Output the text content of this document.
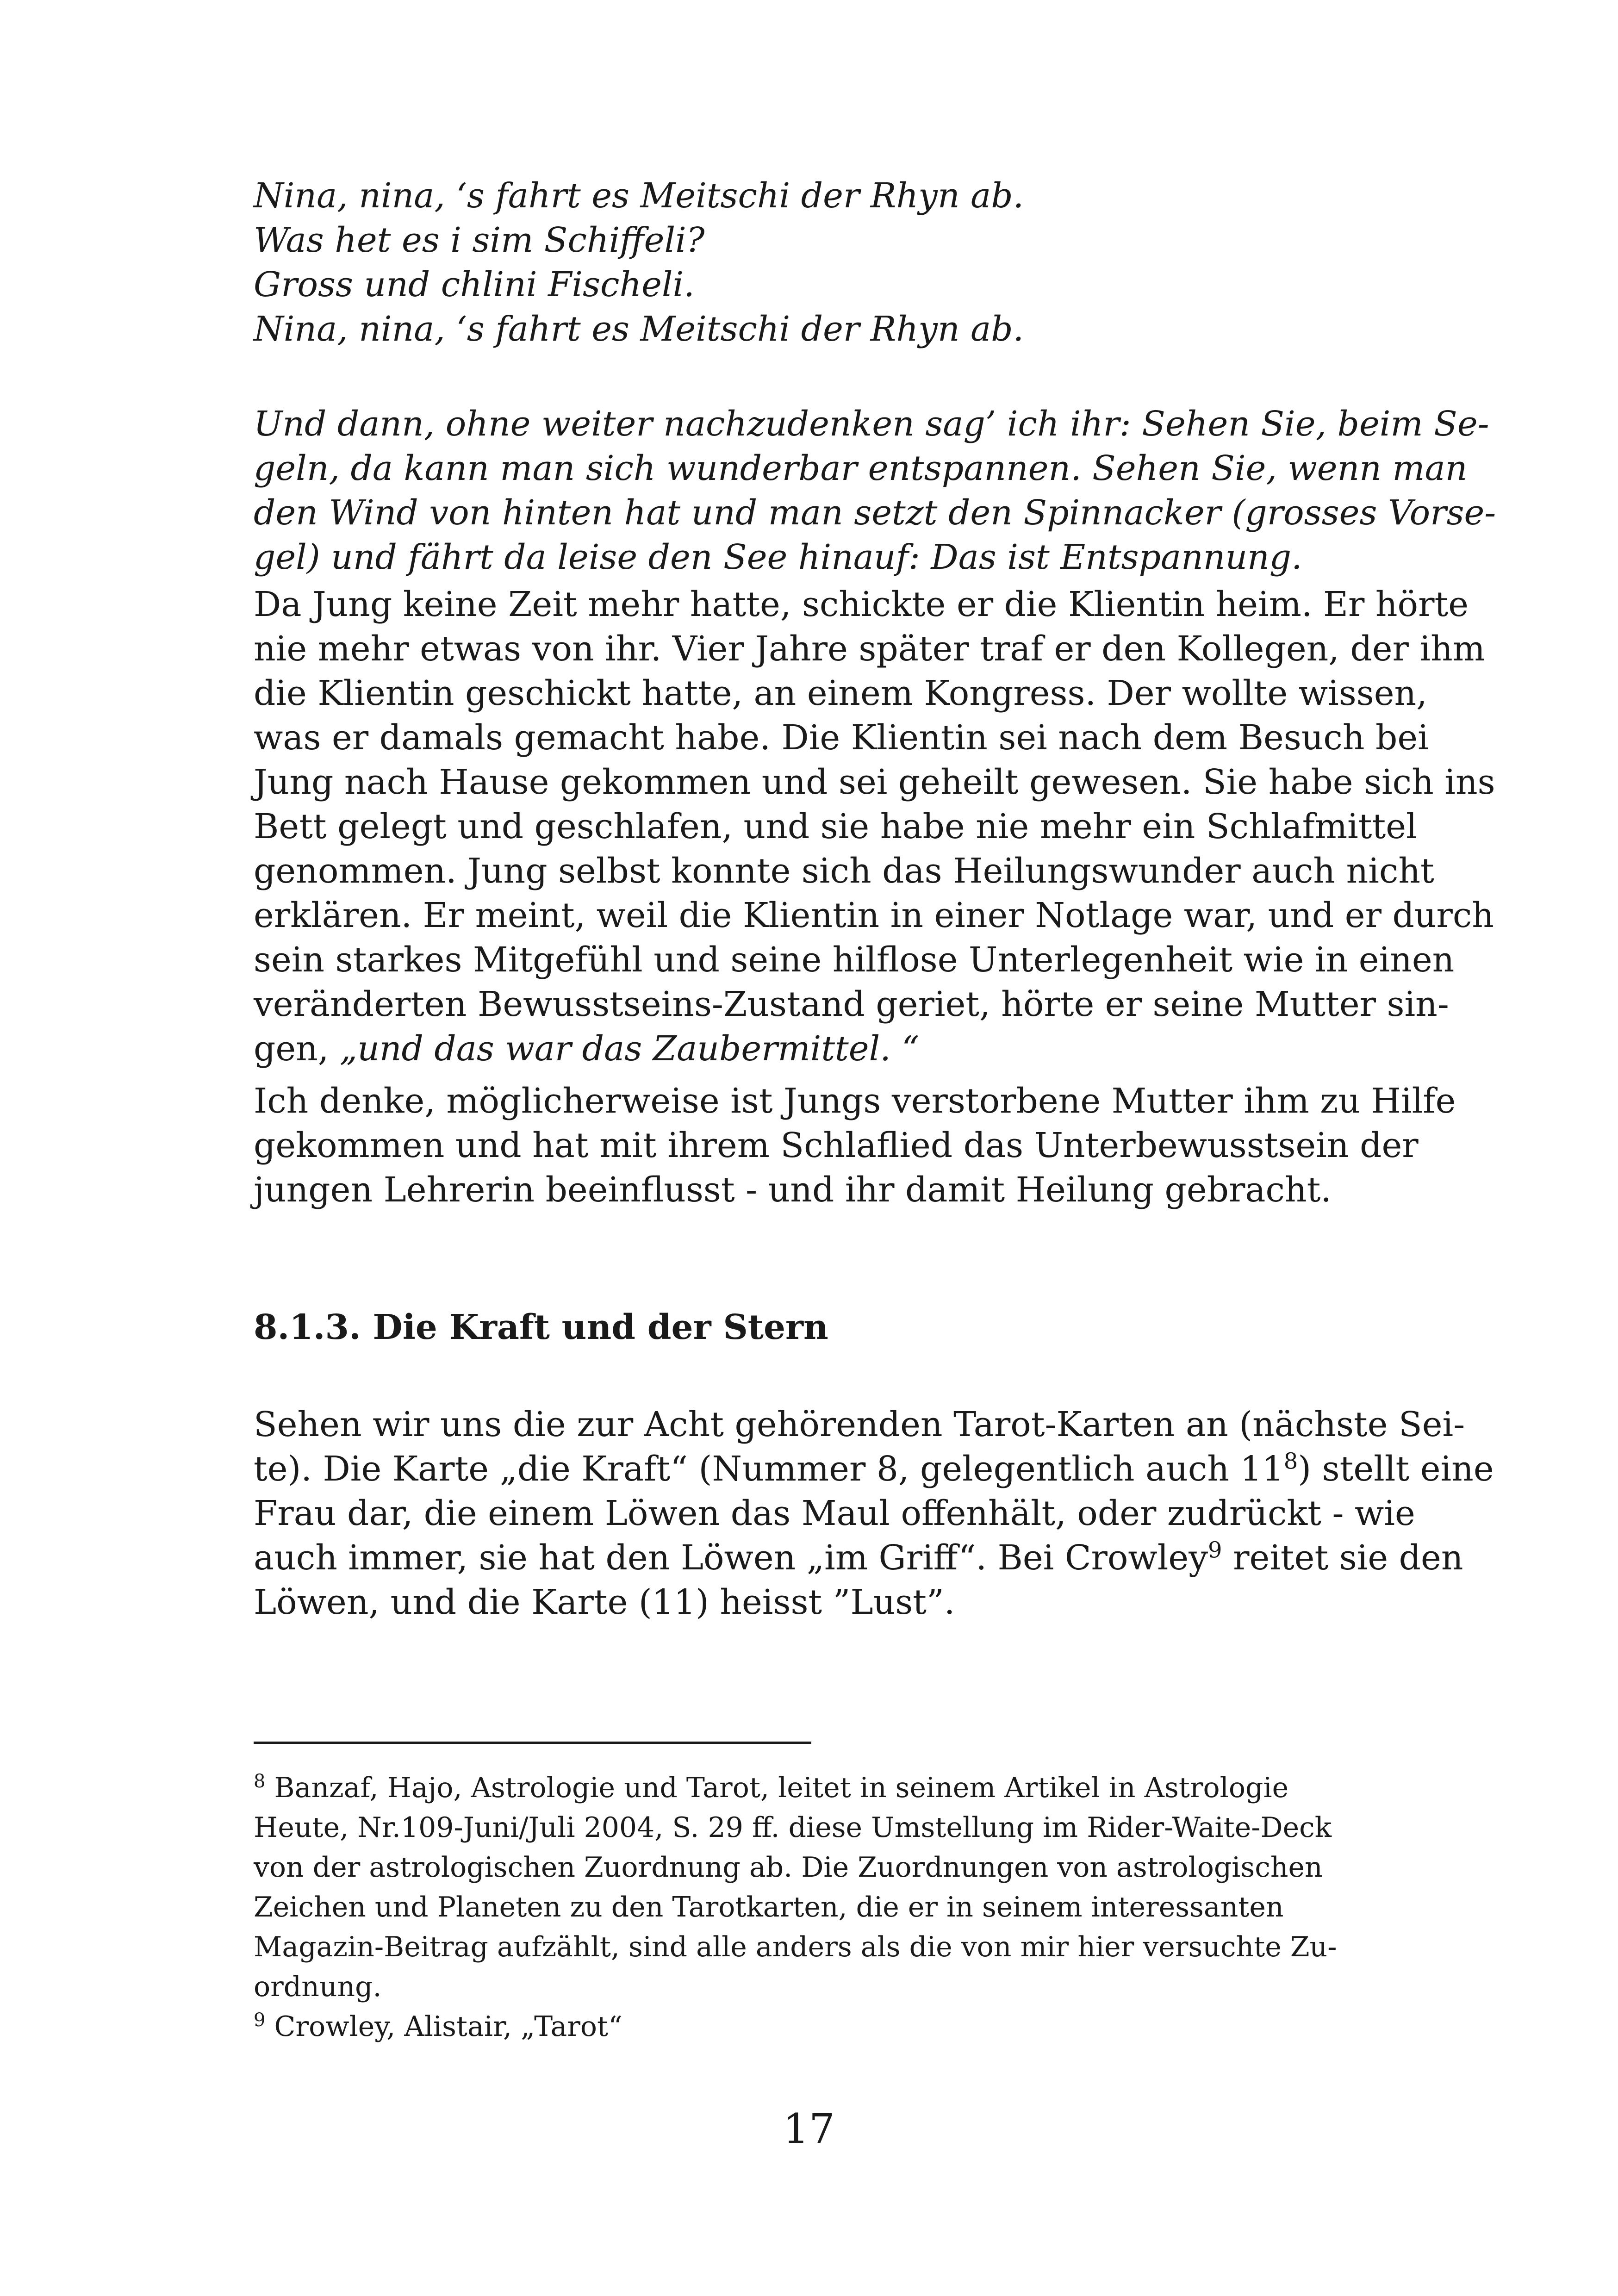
Nina, nina, ‘s fahrt es Meitschi der Rhyn ab.
Was het es i sim Schiffeli?
Gross und chlini Fischeli.
Nina, nina, ‘s fahrt es Meitschi der Rhyn ab.
Und dann, ohne weiter nachzudenken sag’ ich ihr: Sehen Sie, beim Se-
geln, da kann man sich wunderbar entspannen. Sehen Sie, wenn man
den Wind von hinten hat und man setzt den Spinnacker (grosses Vorse-
gel) und fährt da leise den See hinauf: Das ist Entspannung.
Da Jung keine Zeit mehr hatte, schickte er die Klientin heim. Er hörte
nie mehr etwas von ihr. Vier Jahre später traf er den Kollegen, der ihm
die Klientin geschickt hatte, an einem Kongress. Der wollte wissen,
was er damals gemacht habe. Die Klientin sei nach dem Besuch bei
Jung nach Hause gekommen und sei geheilt gewesen. Sie habe sich ins
Bett gelegt und geschlafen, und sie habe nie mehr ein Schlafmittel
genommen. Jung selbst konnte sich das Heilungswunder auch nicht
erklären. Er meint, weil die Klientin in einer Notlage war, und er durch
sein starkes Mitgefühl und seine hilflose Unterlegenheit wie in einen
veränderten Bewusstseins-Zustand geriet, hörte er seine Mutter sin-
gen, „und das war das Zaubermittel. “
Ich denke, möglicherweise ist Jungs verstorbene Mutter ihm zu Hilfe
gekommen und hat mit ihrem Schlaflied das Unterbewusstsein der
jungen Lehrerin beeinflusst - und ihr damit Heilung gebracht.
8.1.3. Die Kraft und der Stern
Sehen wir uns die zur Acht gehörenden Tarot-Karten an (nächste Sei-
te). Die Karte „die Kraft“ (Nummer 8, gelegentlich auch $11^8$) stellt eine
Frau dar, die einem Löwen das Maul offenhält, oder zudrückt - wie
auch immer, sie hat den Löwen „im Griff“. Bei Crowley$^9$ reitet sie den
Löwen, und die Karte (11) heisst ”Lust”.
$^8$ Banzaf, Hajo, Astrologie und Tarot, leitet in seinem Artikel in Astrologie
Heute, Nr.109-Juni/Juli 2004, S. 29 ff. diese Umstellung im Rider-Waite-Deck
von der astrologischen Zuordnung ab. Die Zuordnungen von astrologischen
Zeichen und Planeten zu den Tarotkarten, die er in seinem interessanten
Magazin-Beitrag aufzählt, sind alle anders als die von mir hier versuchte Zu-
ordnung.
$^9$ Crowley, Alistair, „Tarot“
17
